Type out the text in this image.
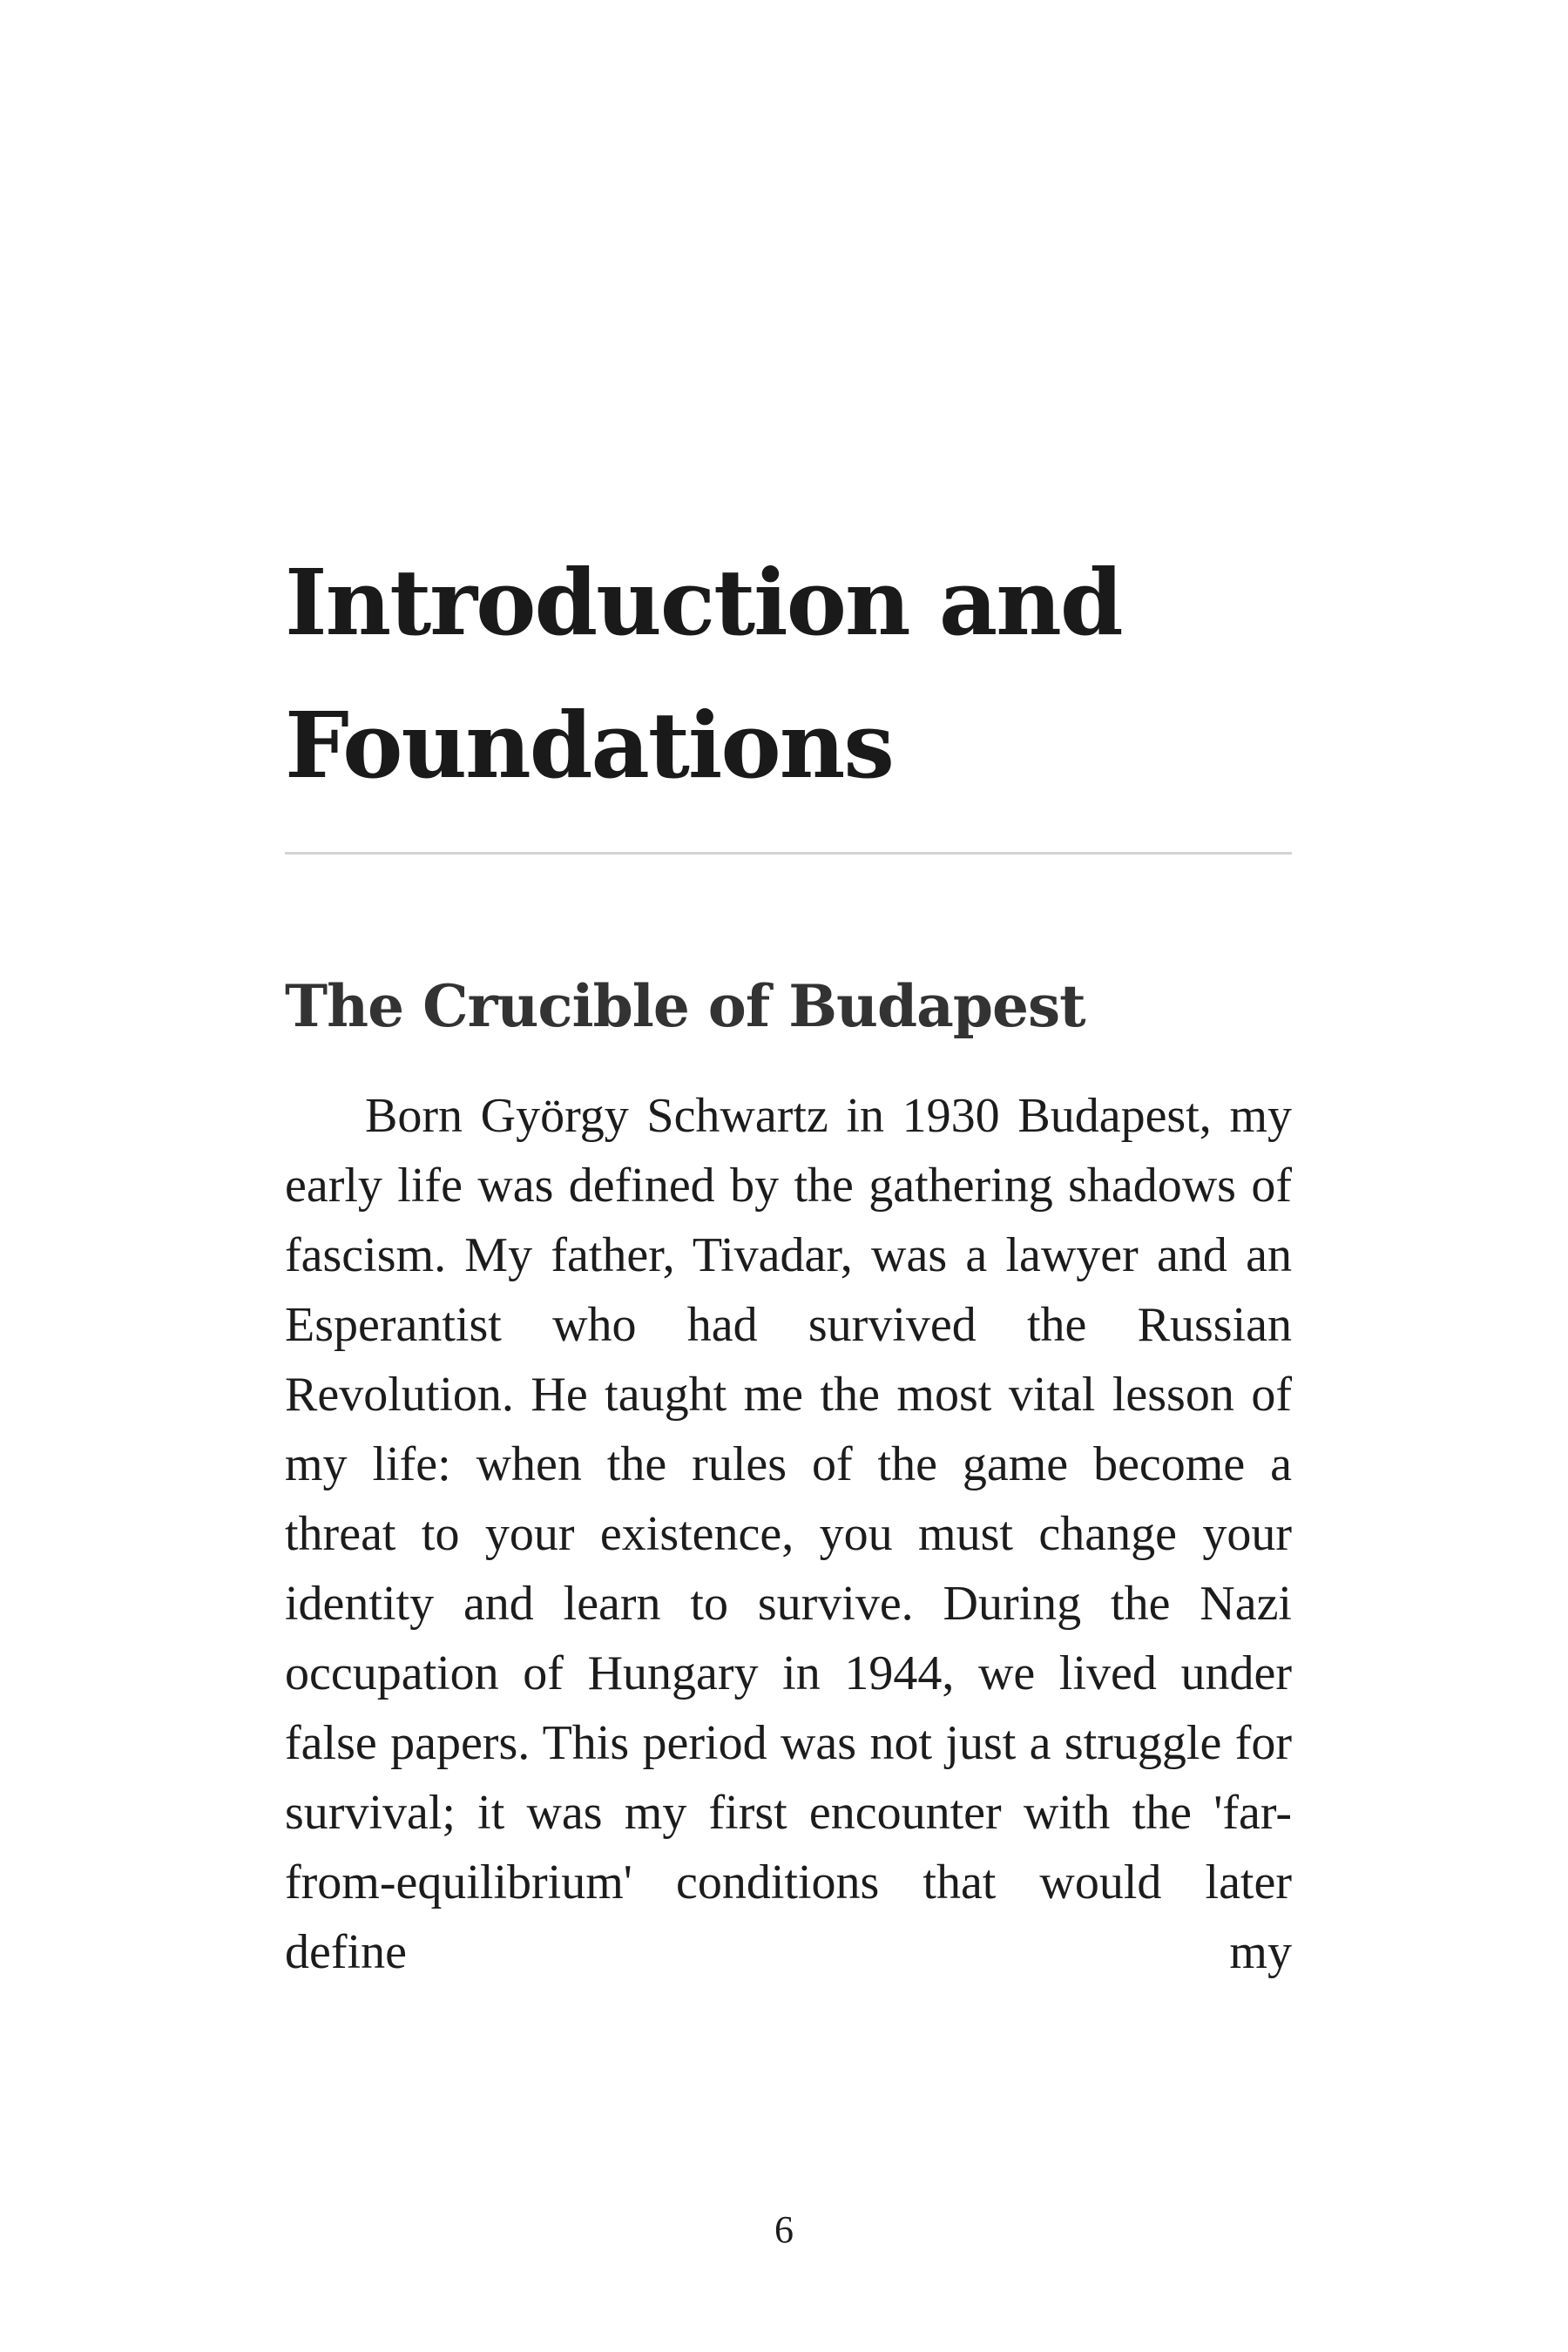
Introduction and
Foundations
The Crucible of Budapest

Born György Schwartz in 1930 Budapest, my early life was defined by the gathering shadows of fascism. My father, Tivadar, was a lawyer and an Esperantist who had survived the Russian Revolution. He taught me the most vital lesson of my life: when the rules of the game become a threat to your existence, you must change your identity and learn to survive. During the Nazi occupation of Hungary in 1944, we lived under false papers. This period was not just a struggle for survival; it was my first encounter with the 'far-from-equilibrium' conditions that would later define my

6
